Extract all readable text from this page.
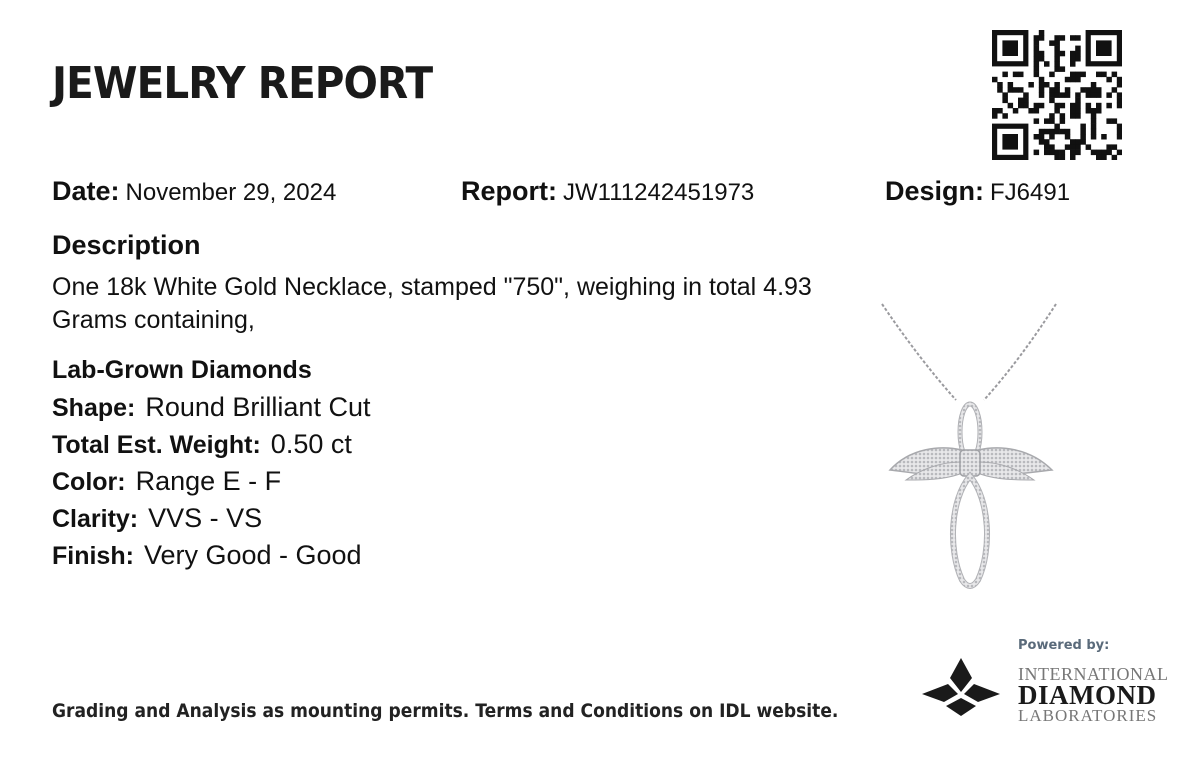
JEWELRY REPORT
Date: November 29, 2024	Report: JW111242451973	Design: FJ6491
Description
One 18k White Gold Necklace, stamped "750", weighing in total 4.93 Grams containing,
Lab-Grown Diamonds
Shape: Round Brilliant Cut
Total Est. Weight: 0.50 ct
Color: Range E - F
Clarity: VVS - VS
Finish: Very Good - Good
Grading and Analysis as mounting permits. Terms and Conditions on IDL website.
Powered by:
INTERNATIONAL
DIAMOND
LABORATORIES
